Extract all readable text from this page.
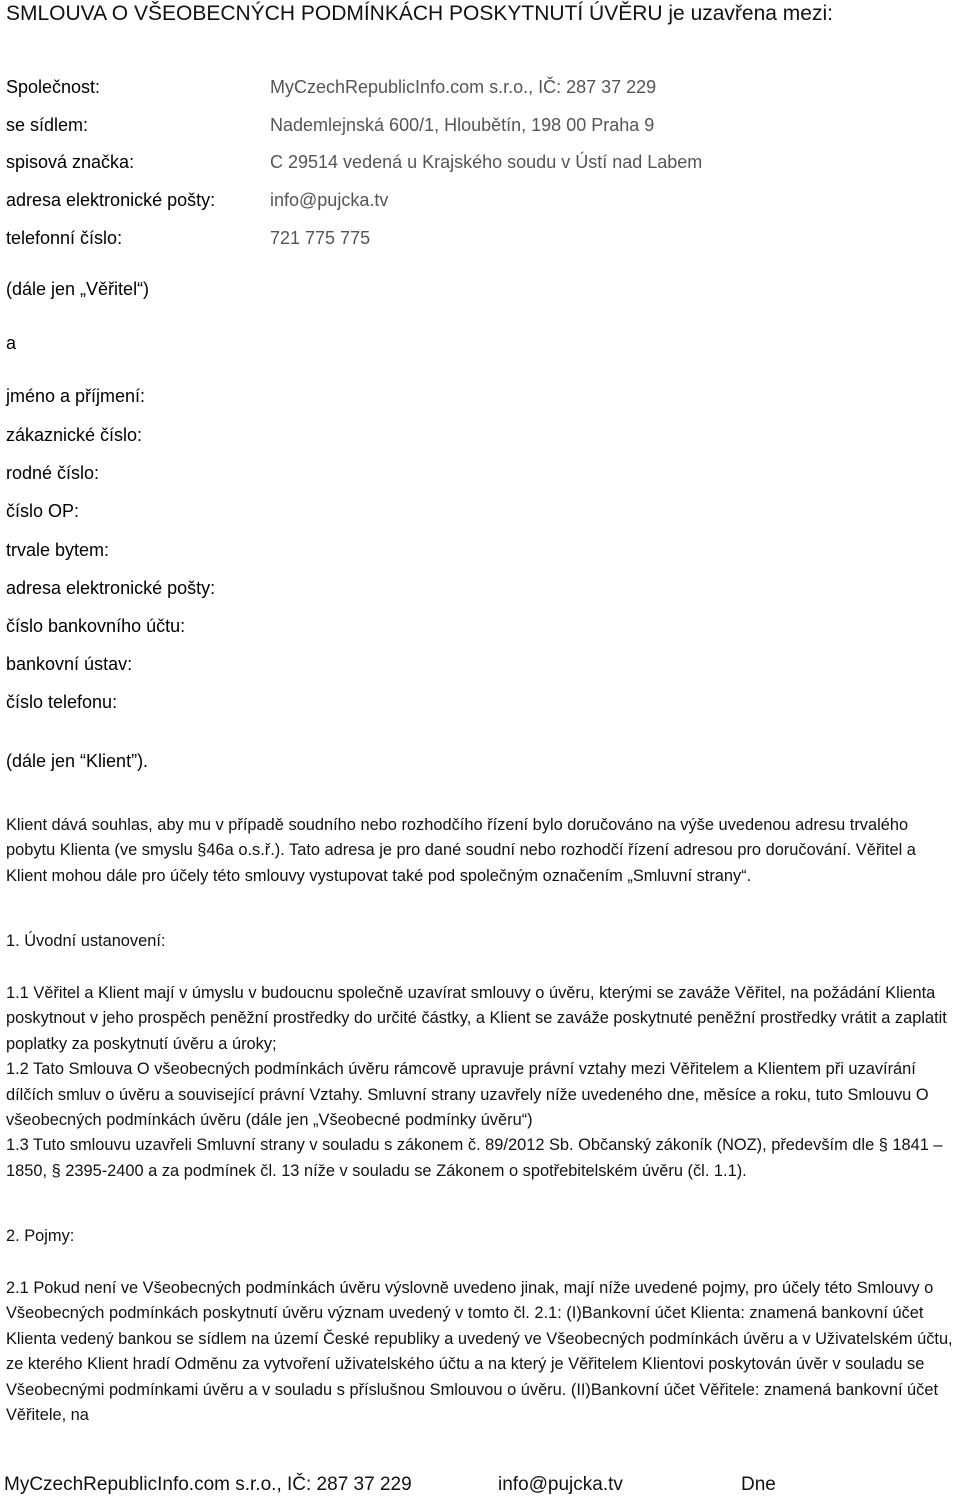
SMLOUVA O VŠEOBECNÝCH PODMÍNKÁCH POSKYTNUTÍ ÚVĚRU je uzavřena mezi:
Společnost:	MyCzechRepublicInfo.com s.r.o., IČ: 287 37 229
se sídlem:	Nademlejnská 600/1, Hloubětín, 198 00 Praha 9
spisová značka:	C 29514 vedená u Krajského soudu v Ústí nad Labem
adresa elektronické pošty:	info@pujcka.tv
telefonní číslo:	721 775 775
(dále jen „Věřitel“)
a
jméno a příjmení:
zákaznické číslo:
rodné číslo:
číslo OP:
trvale bytem:
adresa elektronické pošty:
číslo bankovního účtu:
bankovní ústav:
číslo telefonu:
(dále jen “Klient”).
Klient dává souhlas, aby mu v případě soudního nebo rozhodčího řízení bylo doručováno na výše uvedenou adresu trvalého pobytu Klienta (ve smyslu §46a o.s.ř.). Tato adresa je pro dané soudní nebo rozhodčí řízení adresou pro doručování. Věřitel a Klient mohou dále pro účely této smlouvy vystupovat také pod společným označením „Smluvní strany“.
1. Úvodní ustanovení:

1.1 Věřitel a Klient mají v úmyslu v budoucnu společně uzavírat smlouvy o úvěru, kterými se zaváže Věřitel, na požádání Klienta poskytnout v jeho prospěch peněžní prostředky do určité částky, a Klient se zaváže poskytnuté peněžní prostředky vrátit a zaplatit poplatky za poskytnutí úvěru a úroky;

1.2 Tato Smlouva O všeobecných podmínkách úvěru rámcově upravuje právní vztahy mezi Věřitelem a Klientem při uzavírání dílčích smluv o úvěru a související právní Vztahy. Smluvní strany uzavřely níže uvedeného dne, měsíce a roku, tuto Smlouvu O všeobecných podmínkách úvěru (dále jen „Všeobecné podmínky úvěru“)

1.3 Tuto smlouvu uzavřeli Smluvní strany v souladu s zákonem č. 89/2012 Sb. Občanský zákoník (NOZ), především dle § 1841 – 1850, § 2395-2400 a za podmínek čl. 13 níže v souladu se Zákonem o spotřebitelském úvěru (čl. 1.1).

2. Pojmy:

2.1 Pokud není ve Všeobecných podmínkách úvěru výslovně uvedeno jinak, mají níže uvedené pojmy, pro účely této Smlouvy o Všeobecných podmínkách poskytnutí úvěru význam uvedený v tomto čl. 2.1: (I)Bankovní účet Klienta: znamená bankovní účet Klienta vedený bankou se sídlem na území České republiky a uvedený ve Všeobecných podmínkách úvěru a v Uživatelském účtu, ze kterého Klient hradí Odměnu za vytvoření uživatelského účtu a na který je Věřitelem Klientovi poskytován úvěr v souladu se Všeobecnými podmínkami úvěru a v souladu s příslušnou Smlouvou o úvěru. (II)Bankovní účet Věřitele: znamená bankovní účet Věřitele, na

MyCzechRepublicInfo.com s.r.o., IČ: 287 37 229	info@pujcka.tv	Dne
